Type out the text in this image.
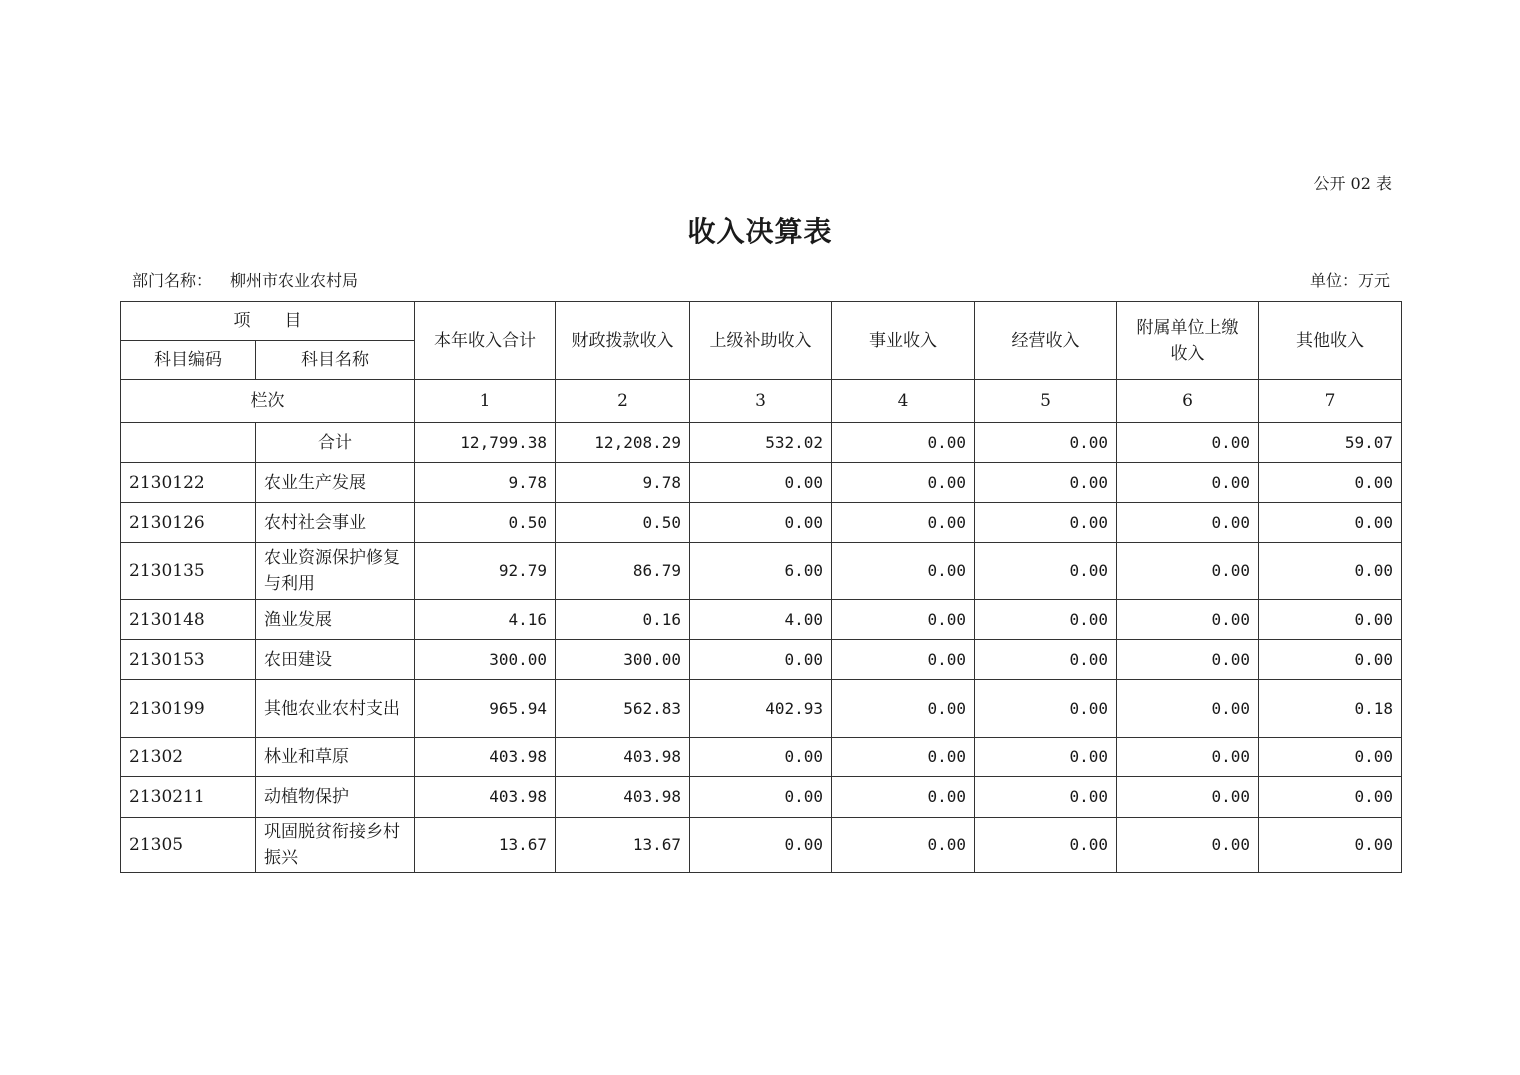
公开 02 表
收入决算表
部门名称： 柳州市农业农村局	单位：万元
项　　目		本年收入合计	财政拨款收入	上级补助收入	事业收入	经营收入	附属单位上缴收入	其他收入
科目编码	科目名称							
栏次		1	2	3	4	5	6	7
	合计	12,799.38	12,208.29	532.02	0.00	0.00	0.00	59.07
2130122	农业生产发展	9.78	9.78	0.00	0.00	0.00	0.00	0.00
2130126	农村社会事业	0.50	0.50	0.00	0.00	0.00	0.00	0.00
2130135	农业资源保护修复与利用	92.79	86.79	6.00	0.00	0.00	0.00	0.00
2130148	渔业发展	4.16	0.16	4.00	0.00	0.00	0.00	0.00
2130153	农田建设	300.00	300.00	0.00	0.00	0.00	0.00	0.00
2130199	其他农业农村支出	965.94	562.83	402.93	0.00	0.00	0.00	0.18
21302	林业和草原	403.98	403.98	0.00	0.00	0.00	0.00	0.00
2130211	动植物保护	403.98	403.98	0.00	0.00	0.00	0.00	0.00
21305	巩固脱贫衔接乡村振兴	13.67	13.67	0.00	0.00	0.00	0.00	0.00
